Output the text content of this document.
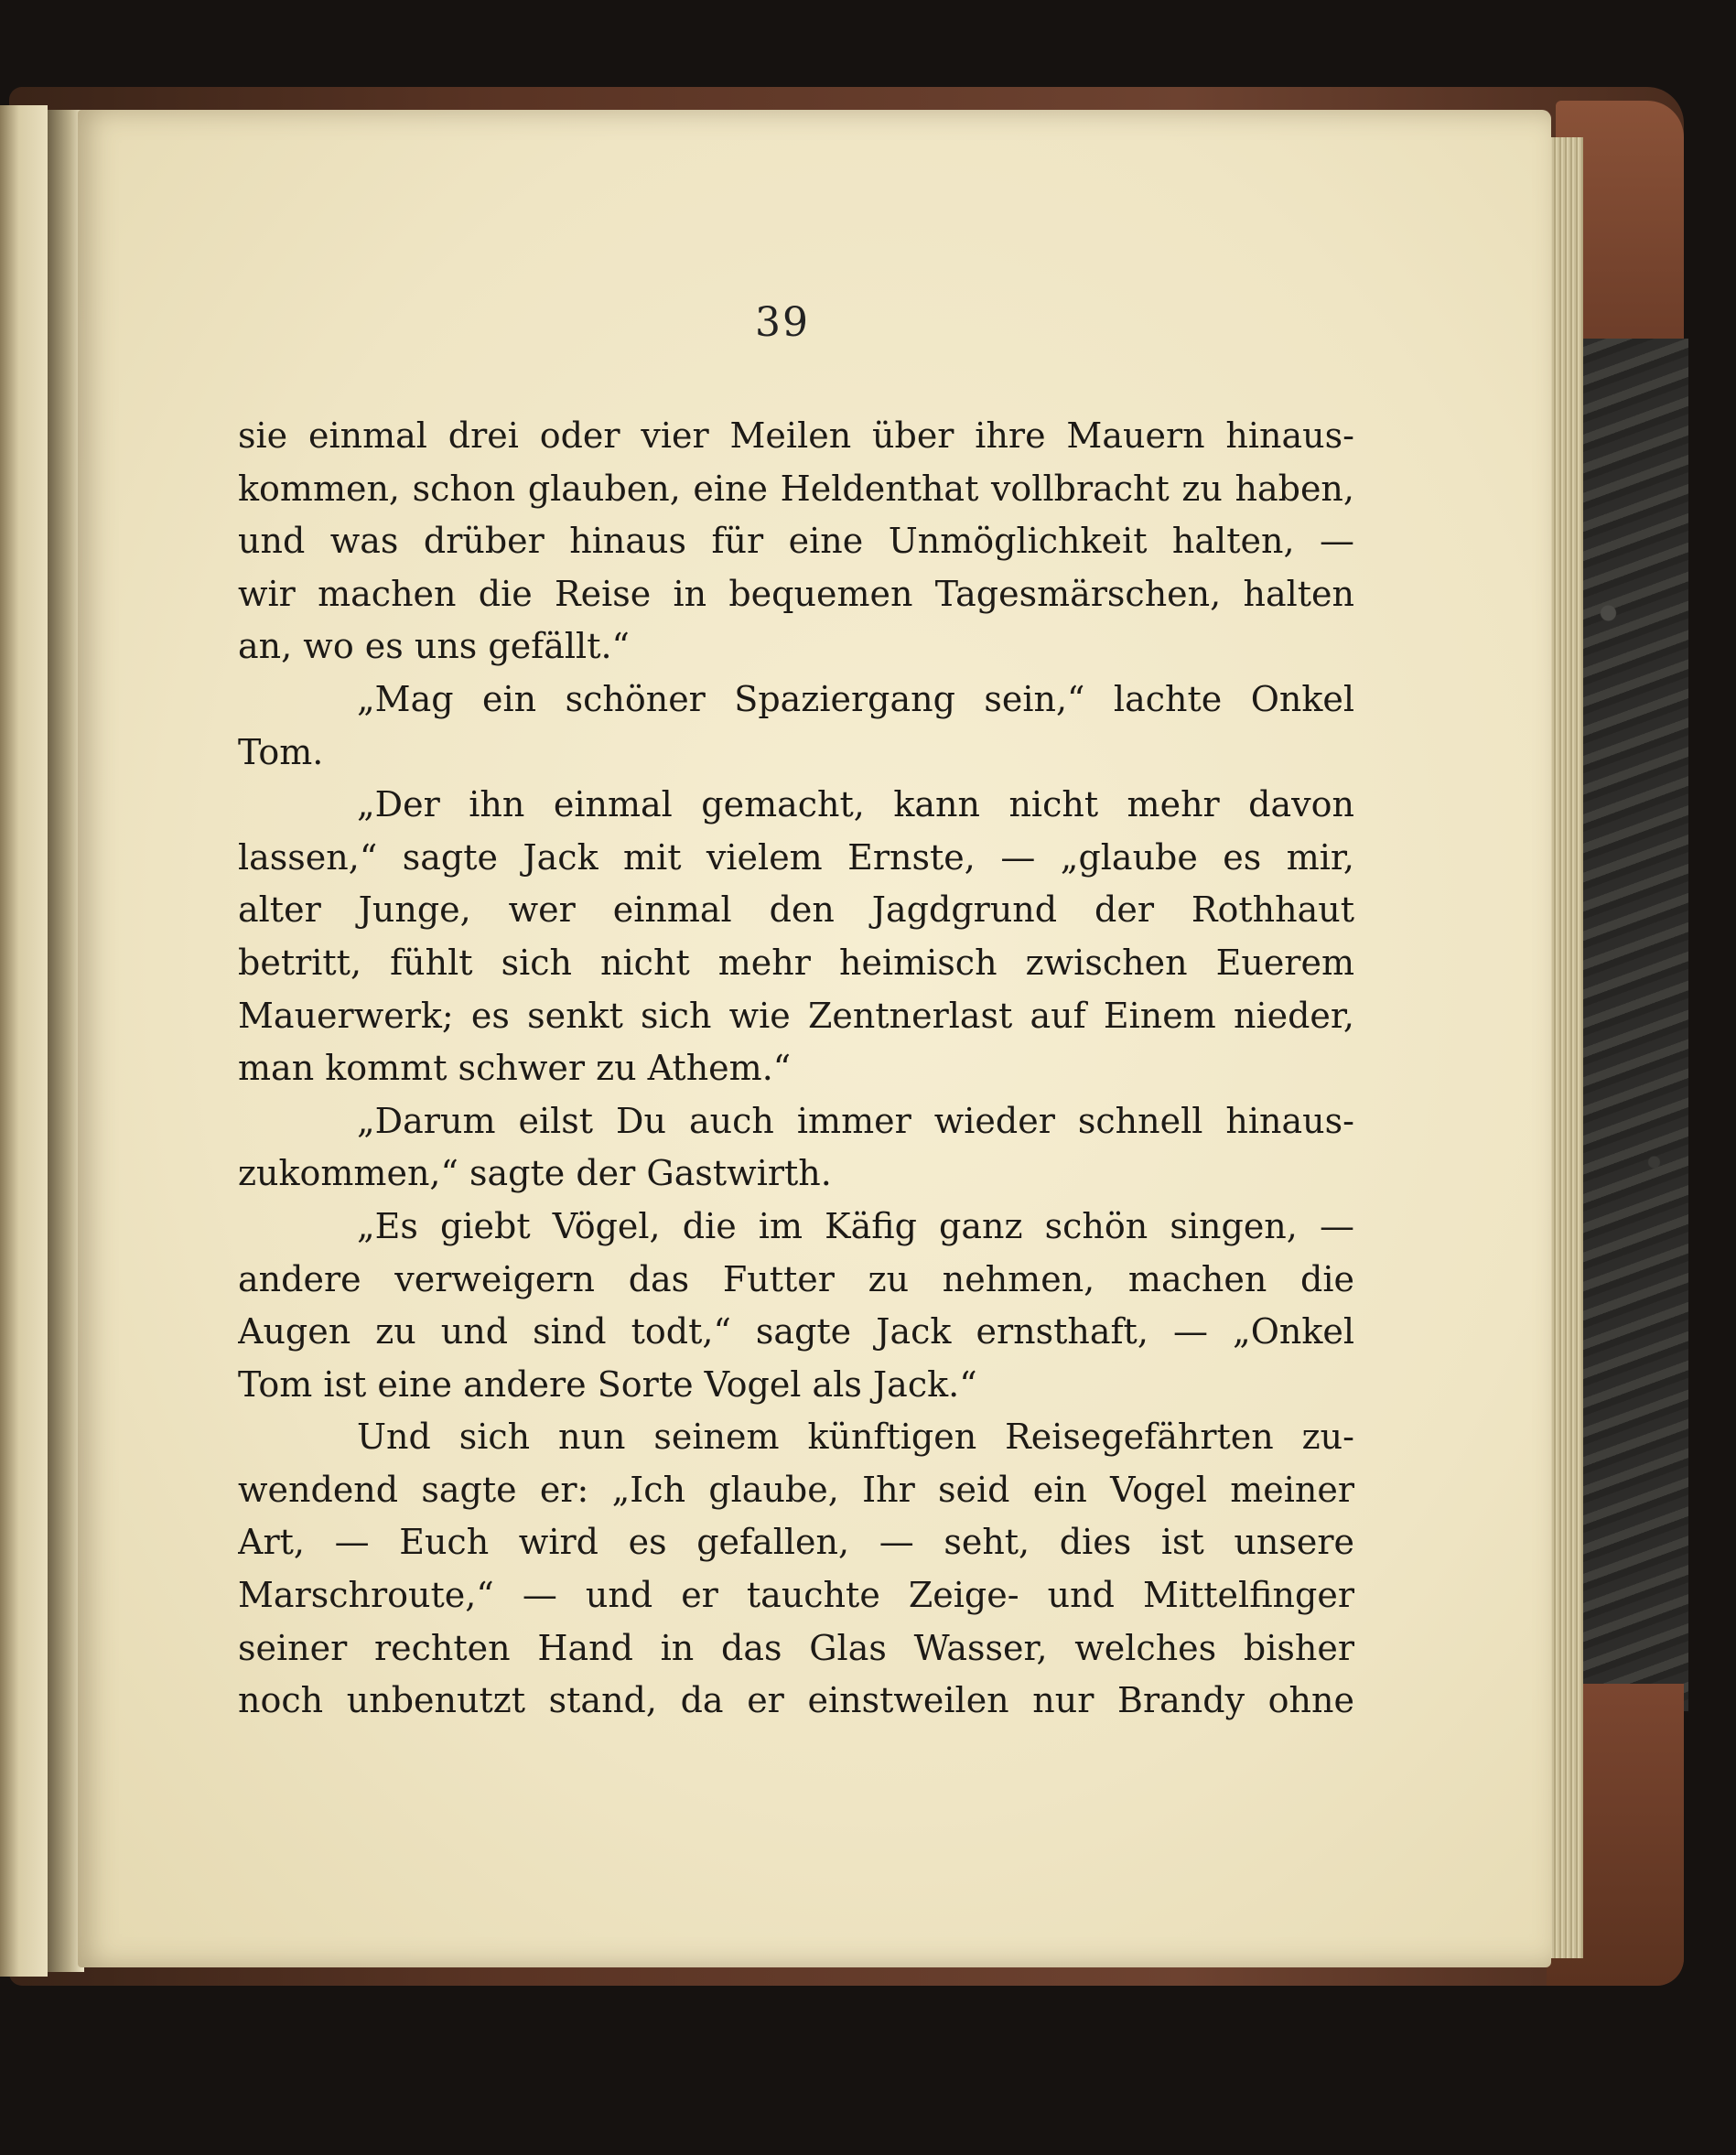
39
sie einmal drei oder vier Meilen über ihre Mauern hinaus-
kommen, schon glauben, eine Heldenthat vollbracht zu haben,
und was drüber hinaus für eine Unmöglichkeit halten, —
wir machen die Reise in bequemen Tagesmärschen, halten
an, wo es uns gefällt.“
„Mag ein schöner Spaziergang sein,“ lachte Onkel
Tom.
„Der ihn einmal gemacht, kann nicht mehr davon
lassen,“ sagte Jack mit vielem Ernste, — „glaube es mir,
alter Junge, wer einmal den Jagdgrund der Rothhaut
betritt, fühlt sich nicht mehr heimisch zwischen Euerem
Mauerwerk; es senkt sich wie Zentnerlast auf Einem nieder,
man kommt schwer zu Athem.“
„Darum eilst Du auch immer wieder schnell hinaus-
zukommen,“ sagte der Gastwirth.
„Es giebt Vögel, die im Käfig ganz schön singen, —
andere verweigern das Futter zu nehmen, machen die
Augen zu und sind todt,“ sagte Jack ernsthaft, — „Onkel
Tom ist eine andere Sorte Vogel als Jack.“
Und sich nun seinem künftigen Reisegefährten zu-
wendend sagte er: „Ich glaube, Ihr seid ein Vogel meiner
Art, — Euch wird es gefallen, — seht, dies ist unsere
Marschroute,“ — und er tauchte Zeige- und Mittelfinger
seiner rechten Hand in das Glas Wasser, welches bisher
noch unbenutzt stand, da er einstweilen nur Brandy ohne
